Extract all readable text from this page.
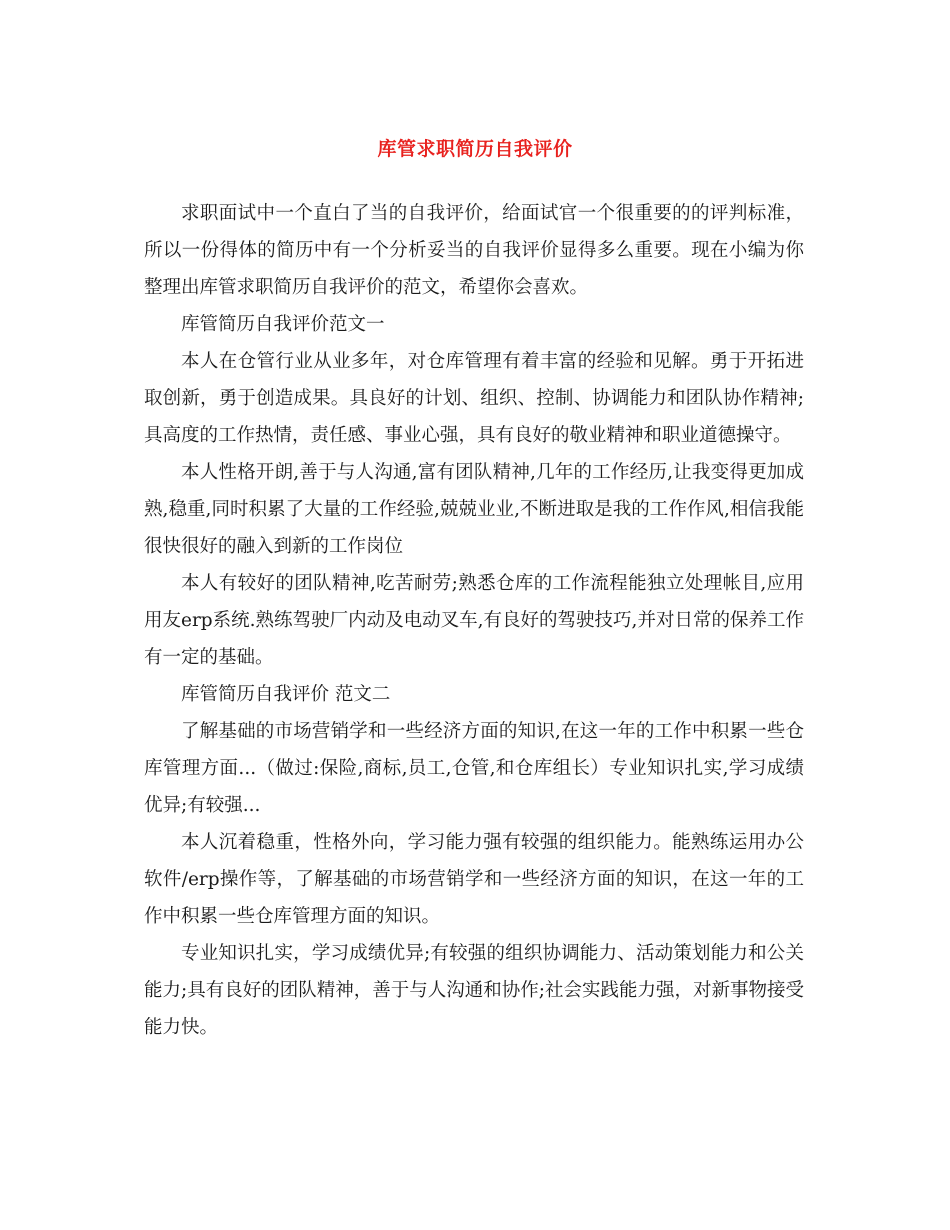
库管求职简历自我评价

求职面试中一个直白了当的自我评价，给面试官一个很重要的的评判标准，所以一份得体的简历中有一个分析妥当的自我评价显得多么重要。现在小编为你整理出库管求职简历自我评价的范文，希望你会喜欢。

库管简历自我评价范文一

本人在仓管行业从业多年，对仓库管理有着丰富的经验和见解。勇于开拓进取创新，勇于创造成果。具良好的计划、组织、控制、协调能力和团队协作精神;具高度的工作热情，责任感、事业心强，具有良好的敬业精神和职业道德操守。

本人性格开朗,善于与人沟通,富有团队精神,几年的工作经历,让我变得更加成熟,稳重,同时积累了大量的工作经验,兢兢业业,不断进取是我的工作作风,相信我能很快很好的融入到新的工作岗位

本人有较好的团队精神,吃苦耐劳;熟悉仓库的工作流程能独立处理帐目,应用用友erp系统.熟练驾驶厂内动及电动叉车,有良好的驾驶技巧,并对日常的保养工作有一定的基础。

库管简历自我评价 范文二

了解基础的市场营销学和一些经济方面的知识,在这一年的工作中积累一些仓库管理方面...（做过:保险,商标,员工,仓管,和仓库组长）专业知识扎实,学习成绩优异;有较强...

本人沉着稳重，性格外向，学习能力强有较强的组织能力。能熟练运用办公软件/erp操作等，了解基础的市场营销学和一些经济方面的知识，在这一年的工作中积累一些仓库管理方面的知识。

专业知识扎实，学习成绩优异;有较强的组织协调能力、活动策划能力和公关能力;具有良好的团队精神，善于与人沟通和协作;社会实践能力强，对新事物接受能力快。
